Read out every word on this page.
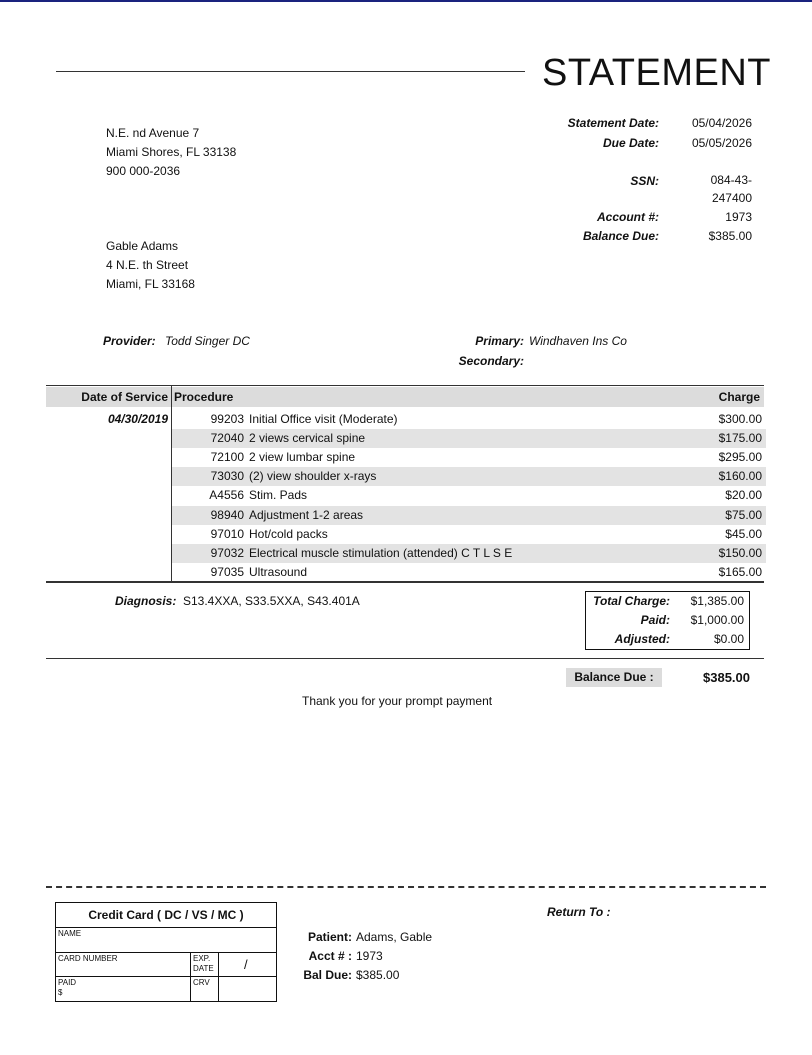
STATEMENT
N.E. nd Avenue 7
Miami Shores, FL 33138
900 000-2036
Gable Adams
4 N.E. th Street
Miami, FL 33168
Statement Date:	05/04/2026
Due Date:	05/05/2026
SSN:	084-43-
247400
Account #:	1973
Balance Due:	$385.00
Provider: Todd Singer DC	Primary: Windhaven Ins Co
Secondary:
Date of Service Procedure	Charge
04/30/2019	99203 Initial Office visit (Moderate)	$300.00
72040 2 views cervical spine	$175.00
72100 2 view lumbar spine	$295.00
73030 (2) view shoulder x-rays	$160.00
A4556 Stim. Pads	$20.00
98940 Adjustment 1-2 areas	$75.00
97010 Hot/cold packs	$45.00
97032 Electrical muscle stimulation (attended) C T L S E	$150.00
97035 Ultrasound	$165.00
Diagnosis: S13.4XXA, S33.5XXA, S43.401A	Total Charge:	$1,385.00
Paid:	$1,000.00
Adjusted:	$0.00
Balance Due :	$385.00
Thank you for your prompt payment
Credit Card ( DC / VS / MC )
NAME
CARD NUMBER	EXP.
DATE /
PAID
$
CRV
Return To :
Patient: Adams, Gable
Acct # : 1973
Bal Due: $385.00
